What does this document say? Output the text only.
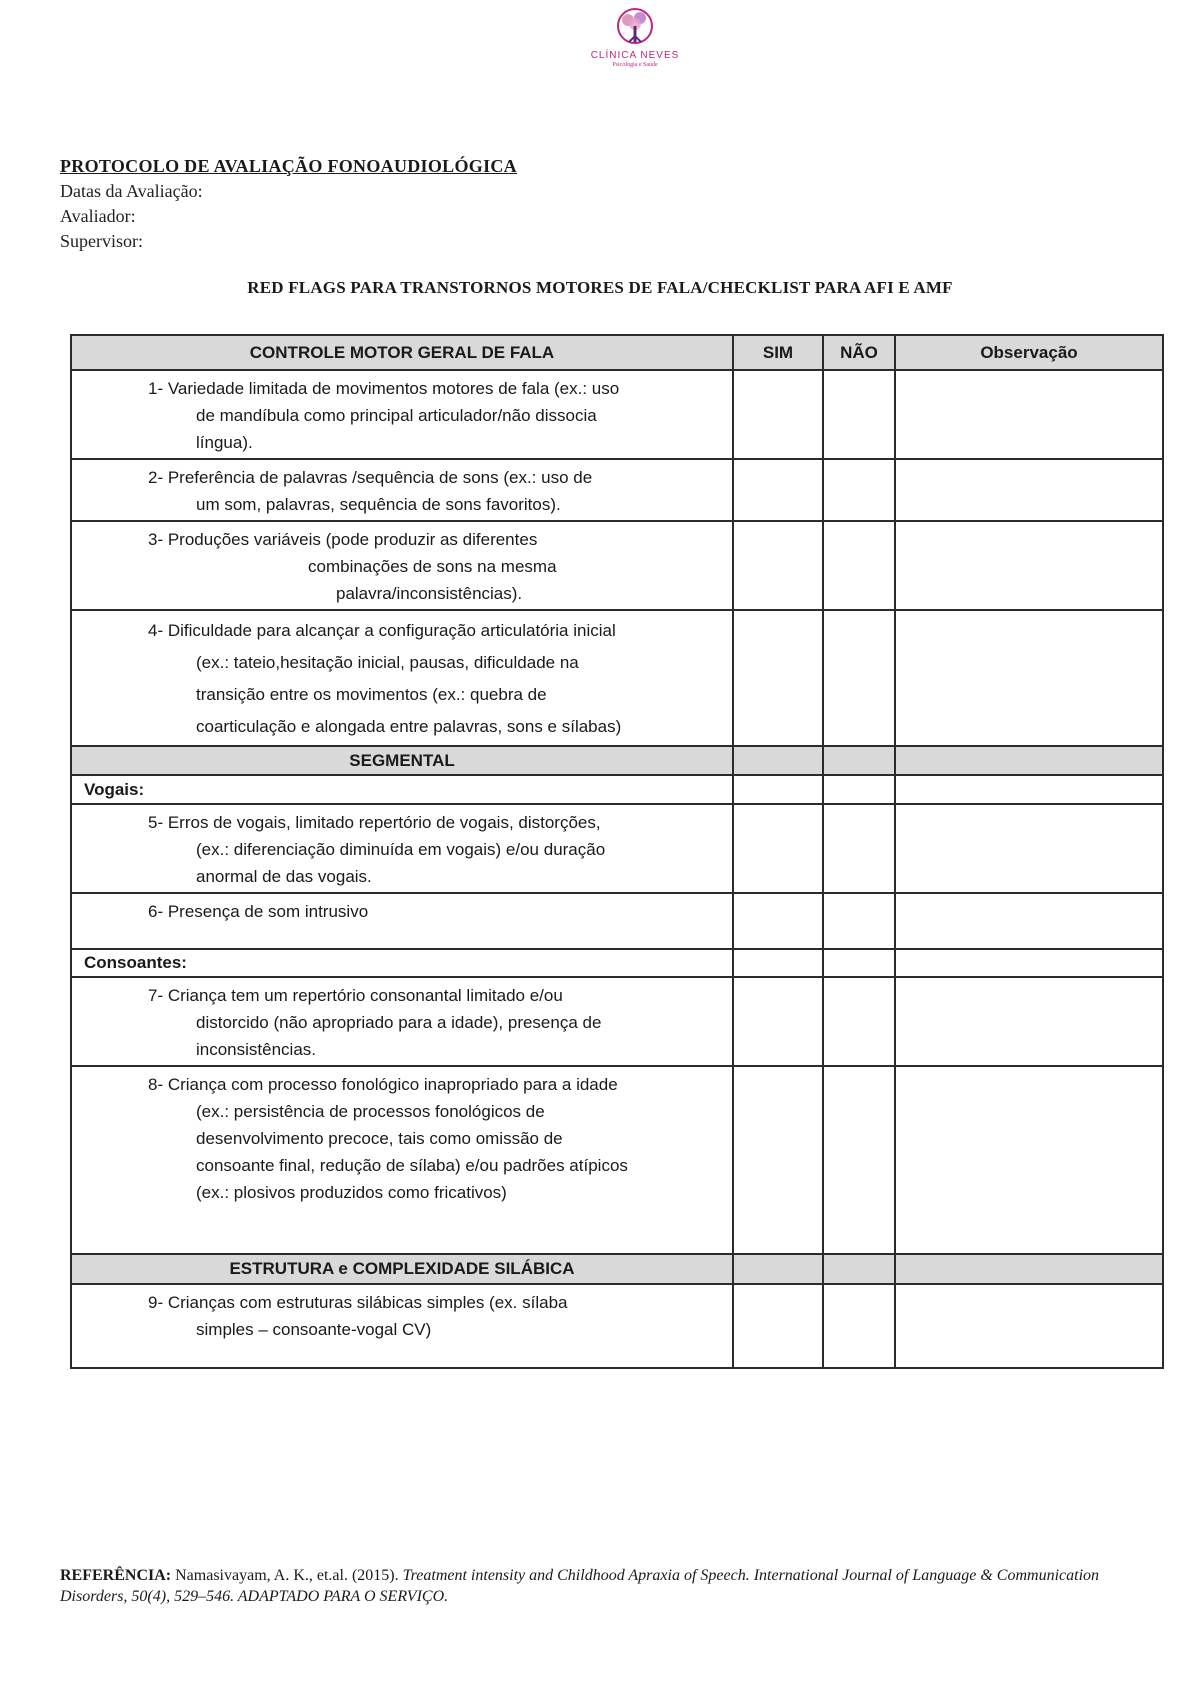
CLÍNICA NEVES
Psicologia e Saúde
PROTOCOLO DE AVALIAÇÃO FONOAUDIOLÓGICA
Datas da Avaliação:
Avaliador:
Supervisor:
RED FLAGS PARA TRANSTORNOS MOTORES DE FALA/CHECKLIST PARA AFI E AMF
CONTROLE MOTOR GERAL DE FALA	SIM	NÃO	Observação

1- Variedade limitada de movimentos motores de fala (ex.: uso
de mandíbula como principal articulador/não dissocia
língua).			

2- Preferência de palavras /sequência de sons (ex.: uso de
um som, palavras, sequência de sons favoritos).			

3- Produções variáveis (pode produzir as diferentes
combinações de sons na mesma
palavra/inconsistências).			

4- Dificuldade para alcançar a configuração articulatória inicial
(ex.: tateio,hesitação inicial, pausas, dificuldade na
transição entre os movimentos (ex.: quebra de
coarticulação e alongada entre palavras, sons e sílabas)			

SEGMENTAL			
Vogais:			

5- Erros de vogais, limitado repertório de vogais, distorções,
(ex.: diferenciação diminuída em vogais) e/ou duração
anormal de das vogais.			

6- Presença de som intrusivo			

Consoantes:			

7- Criança tem um repertório consonantal limitado e/ou
distorcido (não apropriado para a idade), presença de
inconsistências.			

8- Criança com processo fonológico inapropriado para a idade
(ex.: persistência de processos fonológicos de
desenvolvimento precoce, tais como omissão de
consoante final, redução de sílaba) e/ou padrões atípicos
(ex.: plosivos produzidos como fricativos)			

ESTRUTURA e COMPLEXIDADE SILÁBICA			

9- Crianças com estruturas silábicas simples (ex. sílaba
simples – consoante-vogal CV)			

REFERÊNCIA: Namasivayam, A. K., et.al. (2015). Treatment intensity and Childhood Apraxia of Speech. International Journal of Language & Communication Disorders, 50(4), 529–546. ADAPTADO PARA O SERVIÇO.
